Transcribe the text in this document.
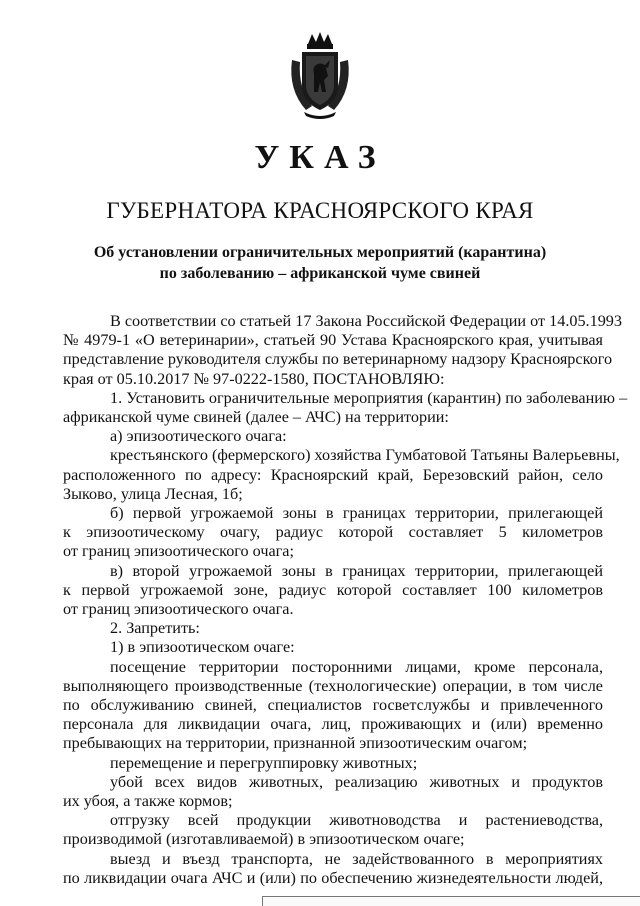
УКАЗ
ГУБЕРНАТОРА КРАСНОЯРСКОГО КРАЯ
Об установлении ограничительных мероприятий (карантина)
по заболеванию – африканской чуме свиней
В соответствии со статьей 17 Закона Российской Федерации от 14.05.1993
№ 4979-1 «О ветеринарии», статьей 90 Устава Красноярского края, учитывая
представление руководителя службы по ветеринарному надзору Красноярского
края от 05.10.2017 № 97-0222-1580, ПОСТАНОВЛЯЮ:
1. Установить ограничительные мероприятия (карантин) по заболеванию –
африканской чуме свиней (далее – АЧС) на территории:
а) эпизоотического очага:
крестьянского (фермерского) хозяйства Гумбатовой Татьяны Валерьевны,
расположенного по адресу: Красноярский край, Березовский район, село
Зыково, улица Лесная, 1б;
б) первой угрожаемой зоны в границах территории, прилегающей
к эпизоотическому очагу, радиус которой составляет 5 километров
от границ эпизоотического очага;
в) второй угрожаемой зоны в границах территории, прилегающей
к первой угрожаемой зоне, радиус которой составляет 100 километров
от границ эпизоотического очага.
2. Запретить:
1) в эпизоотическом очаге:
посещение территории посторонними лицами, кроме персонала,
выполняющего производственные (технологические) операции, в том числе
по обслуживанию свиней, специалистов госветслужбы и привлеченного
персонала для ликвидации очага, лиц, проживающих и (или) временно
пребывающих на территории, признанной эпизоотическим очагом;
перемещение и перегруппировку животных;
убой всех видов животных, реализацию животных и продуктов
их убоя, а также кормов;
отгрузку всей продукции животноводства и растениеводства,
производимой (изготавливаемой) в эпизоотическом очаге;
выезд и въезд транспорта, не задействованного в мероприятиях
по ликвидации очага АЧС и (или) по обеспечению жизнедеятельности людей,
